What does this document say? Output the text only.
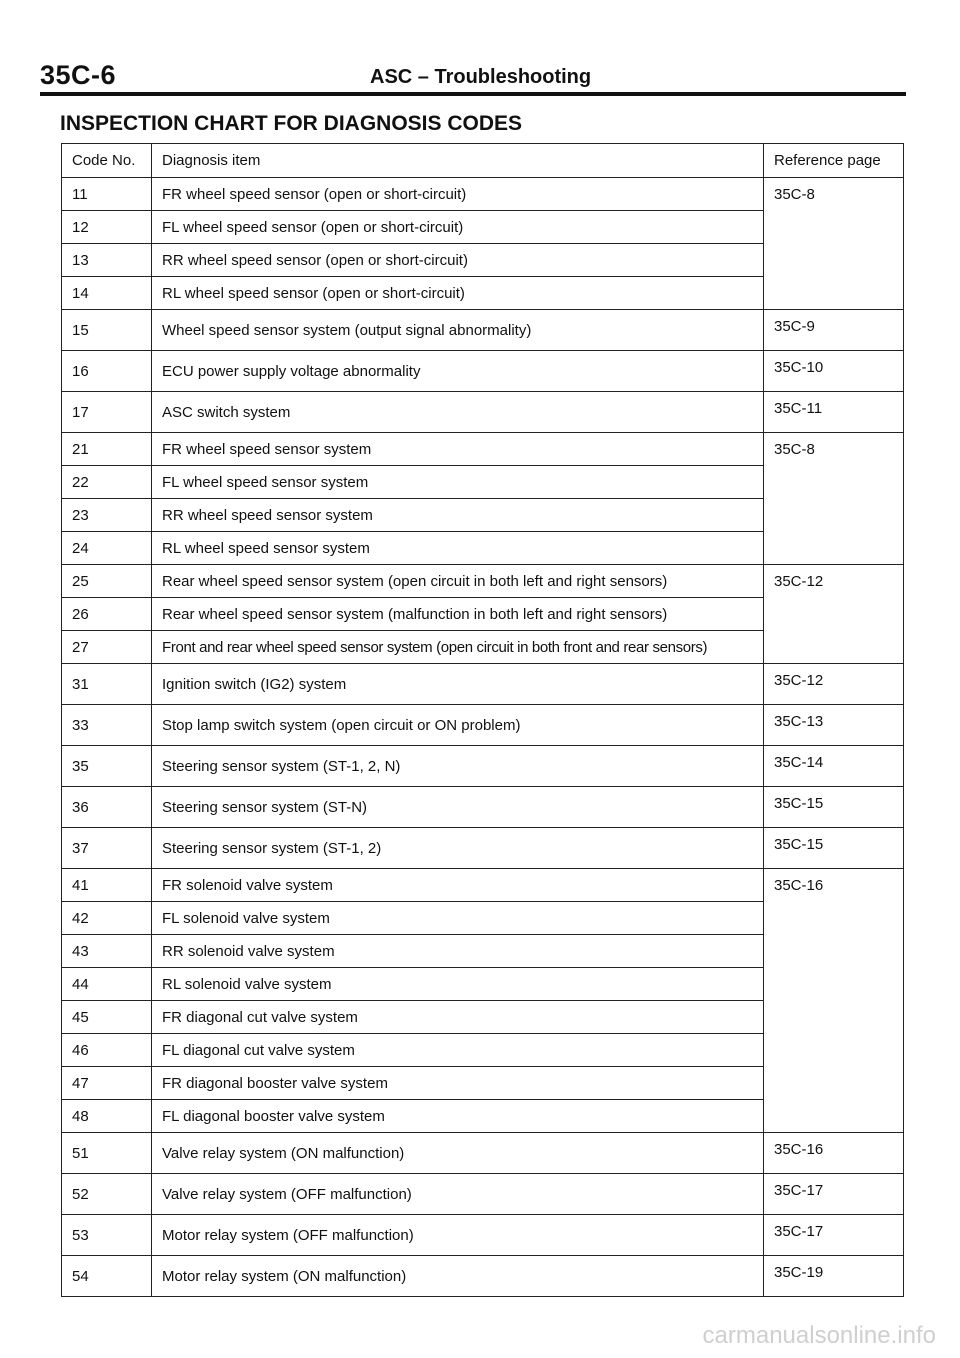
35C-6	ASC – Troubleshooting
INSPECTION CHART FOR DIAGNOSIS CODES
Code No.	Diagnosis item	Reference page
11	FR wheel speed sensor (open or short-circuit)	35C-8
12	FL wheel speed sensor (open or short-circuit)	
13	RR wheel speed sensor (open or short-circuit)	
14	RL wheel speed sensor (open or short-circuit)	
15	Wheel speed sensor system (output signal abnormality)	35C-9
16	ECU power supply voltage abnormality	35C-10
17	ASC switch system	35C-11
21	FR wheel speed sensor system	35C-8
22	FL wheel speed sensor system	
23	RR wheel speed sensor system	
24	RL wheel speed sensor system	
25	Rear wheel speed sensor system (open circuit in both left and right sensors)	35C-12
26	Rear wheel speed sensor system (malfunction in both left and right sensors)	
27	Front and rear wheel speed sensor system (open circuit in both front and rear sensors)	
31	Ignition switch (IG2) system	35C-12
33	Stop lamp switch system (open circuit or ON problem)	35C-13
35	Steering sensor system (ST-1, 2, N)	35C-14
36	Steering sensor system (ST-N)	35C-15
37	Steering sensor system (ST-1, 2)	35C-15
41	FR solenoid valve system	35C-16
42	FL solenoid valve system	
43	RR solenoid valve system	
44	RL solenoid valve system	
45	FR diagonal cut valve system	
46	FL diagonal cut valve system	
47	FR diagonal booster valve system	
48	FL diagonal booster valve system	
51	Valve relay system (ON malfunction)	35C-16
52	Valve relay system (OFF malfunction)	35C-17
53	Motor relay system (OFF malfunction)	35C-17
54	Motor relay system (ON malfunction)	35C-19
carmanualsonline.info
